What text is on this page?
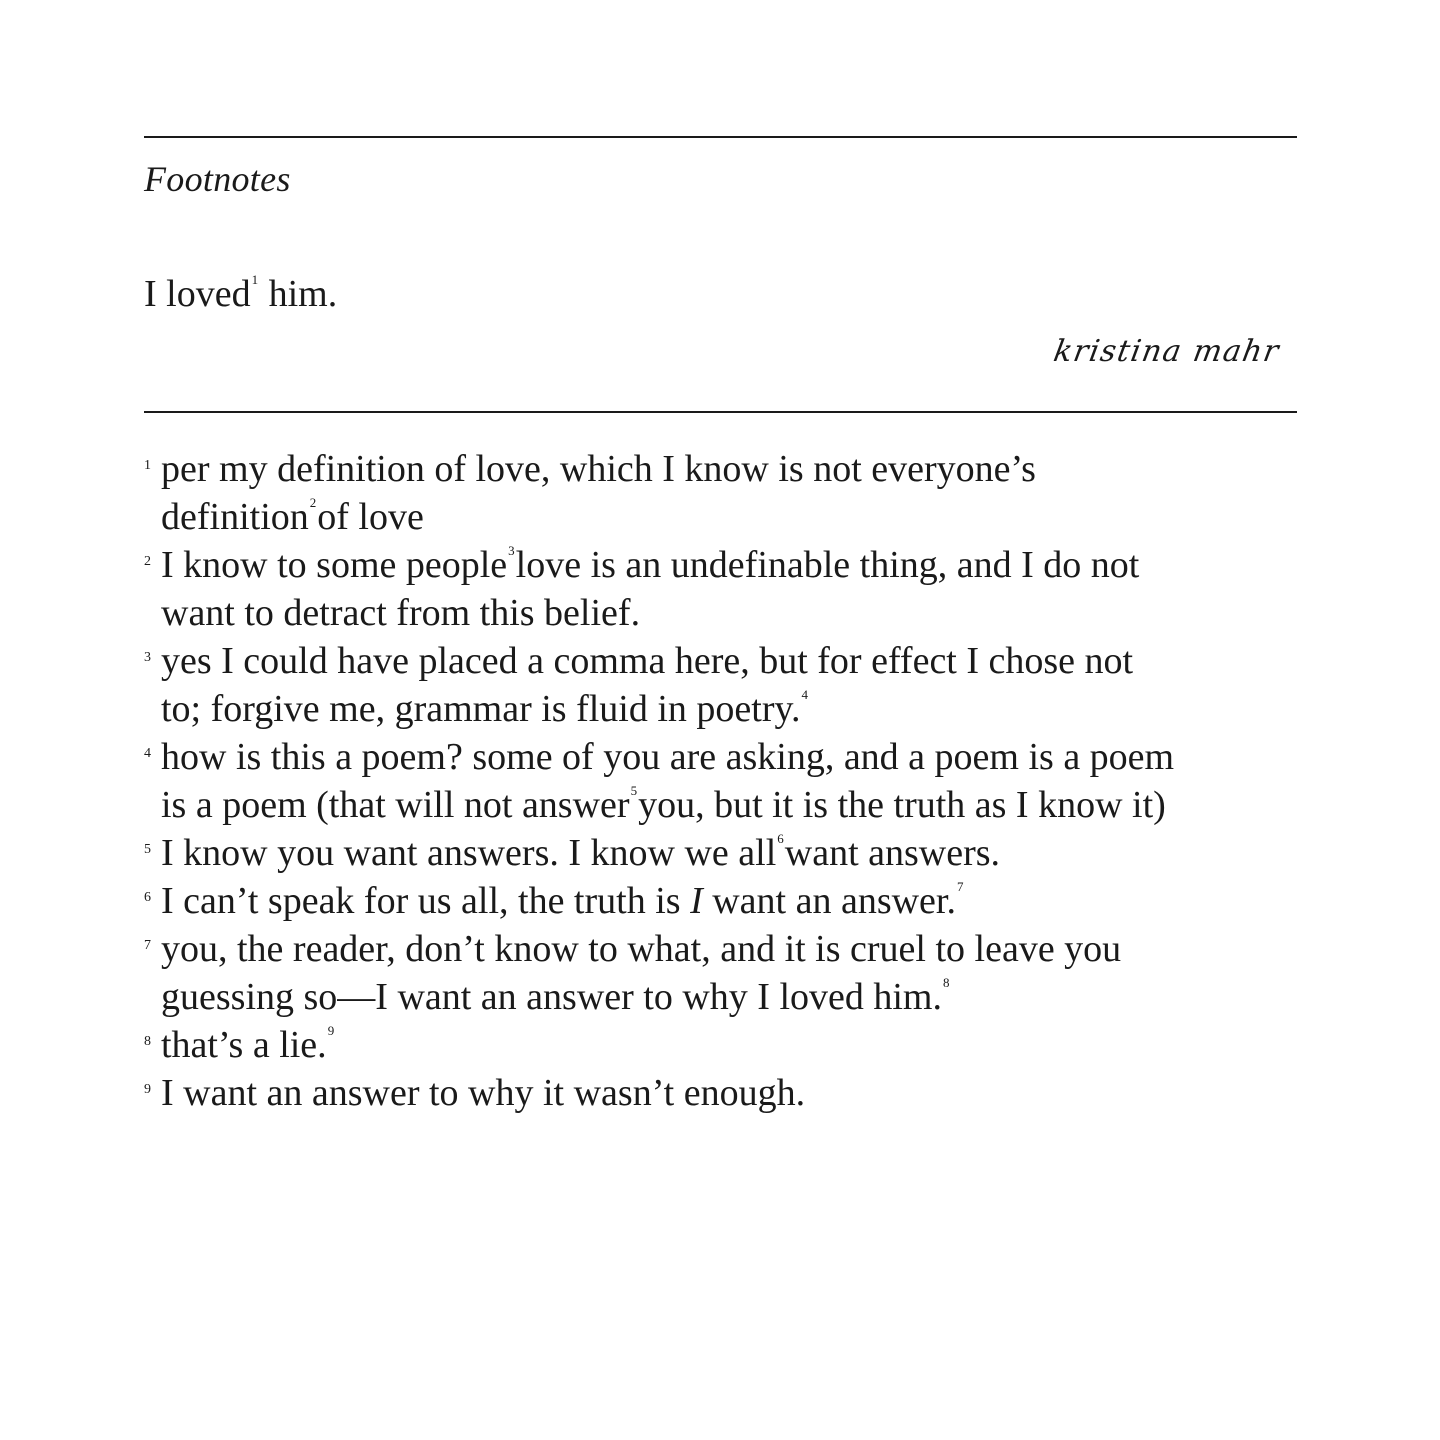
Footnotes
I loved$^1$ him.
kristina mahr
1 per my definition of love, which I know is not everyone’s
definition$^2$of love
2 I know to some people$^3$love is an undefinable thing, and I do not
want to detract from this belief.
3 yes I could have placed a comma here, but for effect I chose not
to; forgive me, grammar is fluid in poetry.$^4$
4 how is this a poem? some of you are asking, and a poem is a poem
is a poem (that will not answer$^5$you, but it is the truth as I know it)
5 I know you want answers. I know we all$^6$want answers.
6 I can’t speak for us all, the truth is I want an answer.$^7$
7 you, the reader, don’t know to what, and it is cruel to leave you
guessing so—I want an answer to why I loved him.$^8$
8 that’s a lie.$^9$
9 I want an answer to why it wasn’t enough.
